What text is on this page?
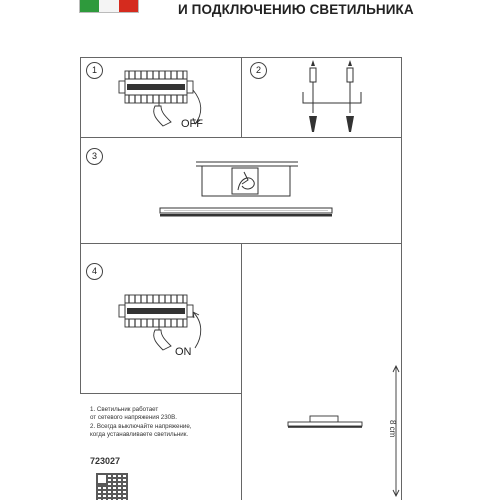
И ПОДКЛЮЧЕНИЮ СВЕТИЛЬНИКА
1
OFF
2
3
4
ON
8 cm
1. Светильник работает
от сетевого напряжения 230В.
2. Всегда выключайте напряжение,
когда устанавливаете светильник.
723027
